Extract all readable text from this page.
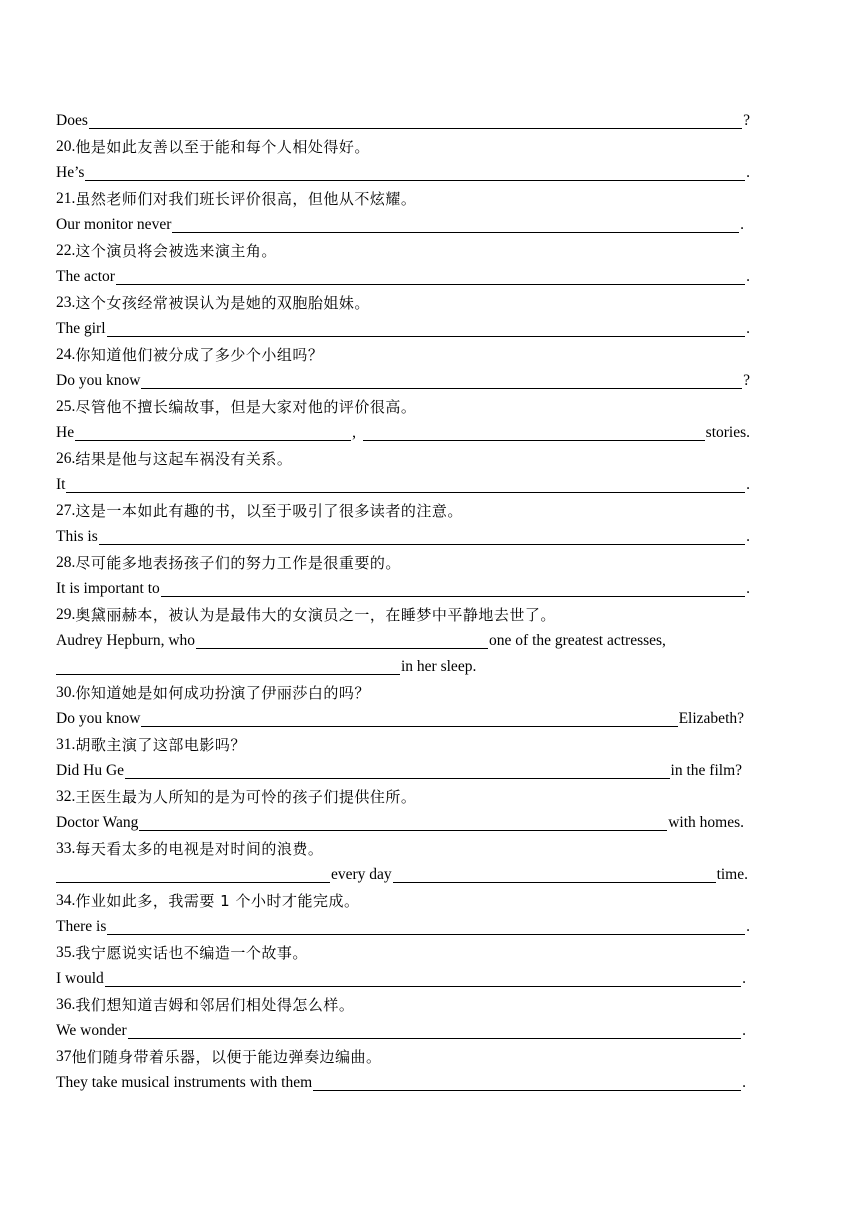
Does	?
20. 他是如此友善以至于能和每个人相处得好。
He’s	.
21. 虽然老师们对我们班长评价很高，但他从不炫耀。
Our monitor never	.
22. 这个演员将会被选来演主角。
The actor	.
23. 这个女孩经常被误认为是她的双胞胎姐妹。
The girl	.
24. 你知道他们被分成了多少个小组吗？
Do you know	?
25. 尽管他不擅长编故事，但是大家对他的评价很高。
He	,	stories.
26. 结果是他与这起车祸没有关系。
It	.
27. 这是一本如此有趣的书，以至于吸引了很多读者的注意。
This is	.
28. 尽可能多地表扬孩子们的努力工作是很重要的。
It is important to	.
29. 奥黛丽赫本，被认为是最伟大的女演员之一，在睡梦中平静地去世了。
Audrey Hepburn, who	one of the greatest actresses,
in her sleep.
30. 你知道她是如何成功扮演了伊丽莎白的吗？
Do you know	Elizabeth?
31. 胡歌主演了这部电影吗？
Did Hu Ge	in the film?
32. 王医生最为人所知的是为可怜的孩子们提供住所。
Doctor Wang	with homes.
33. 每天看太多的电视是对时间的浪费。
every day	time.
34. 作业如此多，我需要 1 个小时才能完成。
There is	.
35. 我宁愿说实话也不编造一个故事。
I would	.
36. 我们想知道吉姆和邻居们相处得怎么样。
We wonder	.
37 他们随身带着乐器，以便于能边弹奏边编曲。
They take musical instruments with them	.
